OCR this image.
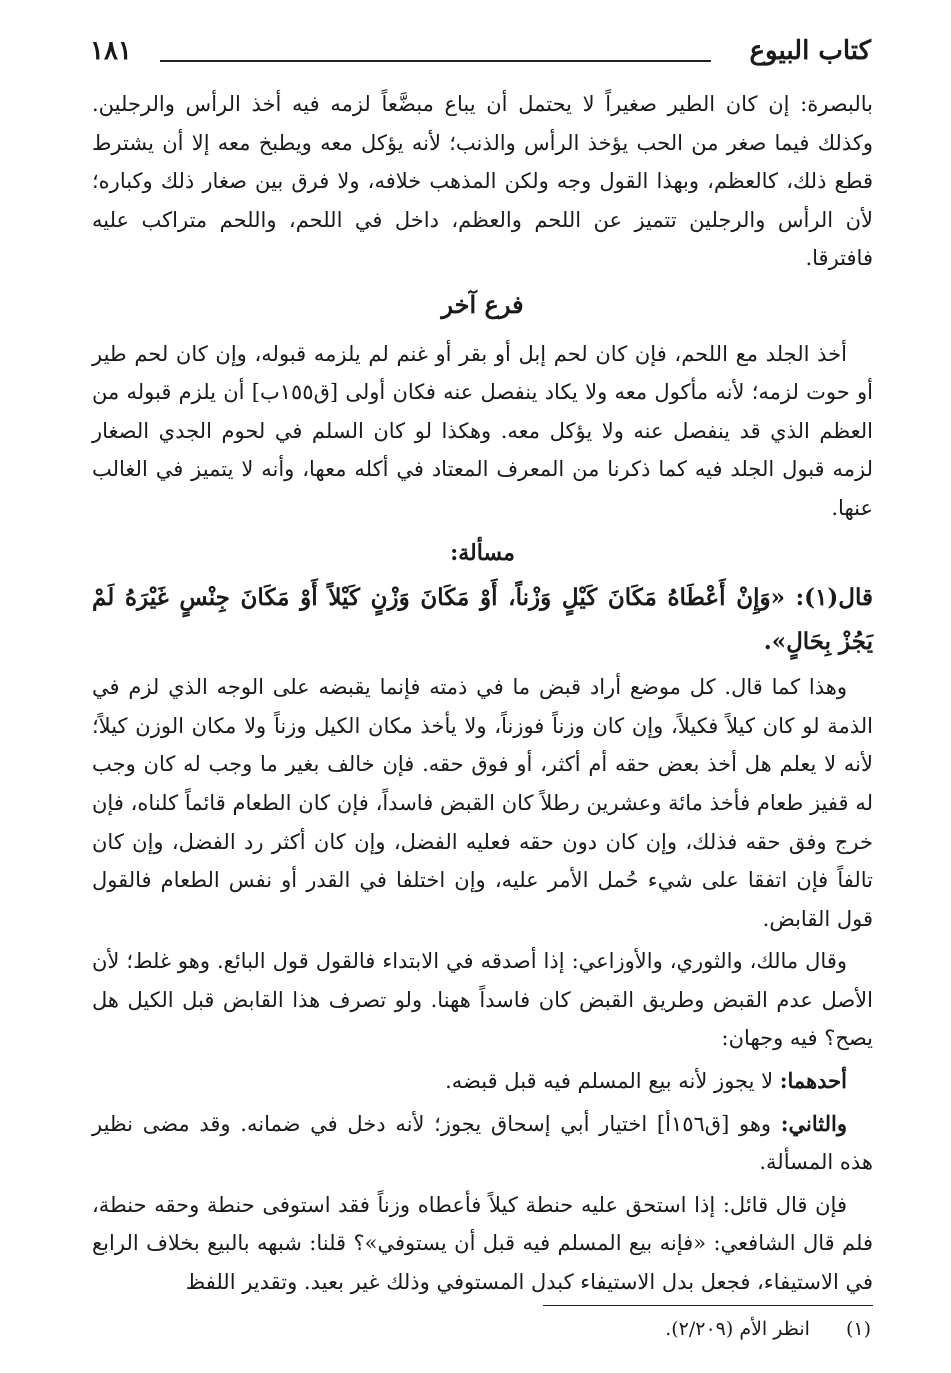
كتاب البيوع
١٨١

بالبصرة: إن كان الطير صغيراً لا يحتمل أن يباع مبضَّعاً لزمه فيه أخذ الرأس والرجلين. وكذلك فيما صغر من الحب يؤخذ الرأس والذنب؛ لأنه يؤكل معه ويطبخ معه إلا أن يشترط قطع ذلك، كالعظم، وبهذا القول وجه ولكن المذهب خلافه، ولا فرق بين صغار ذلك وكباره؛ لأن الرأس والرجلين تتميز عن اللحم والعظم، داخل في اللحم، واللحم متراكب عليه فافترقا.

فرع آخر

أخذ الجلد مع اللحم، فإن كان لحم إبل أو بقر أو غنم لم يلزمه قبوله، وإن كان لحم طير أو حوت لزمه؛ لأنه مأكول معه ولا يكاد ينفصل عنه فكان أولى [ق١٥٥ب] أن يلزم قبوله من العظم الذي قد ينفصل عنه ولا يؤكل معه. وهكذا لو كان السلم في لحوم الجدي الصغار لزمه قبول الجلد فيه كما ذكرنا من المعرف المعتاد في أكله معها، وأنه لا يتميز في الغالب عنها.

مسألة:

قال(١): «وَإِنْ أَعْطَاهُ مَكَانَ كَيْلٍ وَزْناً، أَوْ مَكَانَ وَزْنٍ كَيْلاً أَوْ مَكَانَ جِنْسٍ غَيْرَهُ لَمْ يَجُزْ بِحَالٍ».

وهذا كما قال. كل موضع أراد قبض ما في ذمته فإنما يقبضه على الوجه الذي لزم في الذمة لو كان كيلاً فكيلاً، وإن كان وزناً فوزناً، ولا يأخذ مكان الكيل وزناً ولا مكان الوزن كيلاً؛ لأنه لا يعلم هل أخذ بعض حقه أم أكثر، أو فوق حقه. فإن خالف بغير ما وجب له كان وجب له قفيز طعام فأخذ مائة وعشرين رطلاً كان القبض فاسداً، فإن كان الطعام قائماً كلناه، فإن خرج وفق حقه فذلك، وإن كان دون حقه فعليه الفضل، وإن كان أكثر رد الفضل، وإن كان تالفاً فإن اتفقا على شيء حُمل الأمر عليه، وإن اختلفا في القدر أو نفس الطعام فالقول قول القابض.

وقال مالك، والثوري، والأوزاعي: إذا أصدقه في الابتداء فالقول قول البائع. وهو غلط؛ لأن الأصل عدم القبض وطريق القبض كان فاسداً ههنا. ولو تصرف هذا القابض قبل الكيل هل يصح؟ فيه وجهان:

أحدهما: لا يجوز لأنه بيع المسلم فيه قبل قبضه.

والثاني: وهو [ق١٥٦أ] اختيار أبي إسحاق يجوز؛ لأنه دخل في ضمانه. وقد مضى نظير هذه المسألة.

فإن قال قائل: إذا استحق عليه حنطة كيلاً فأعطاه وزناً فقد استوفى حنطة وحقه حنطة، فلم قال الشافعي: «فإنه بيع المسلم فيه قبل أن يستوفي»؟ قلنا: شبهه بالبيع بخلاف الرابع في الاستيفاء، فجعل بدل الاستيفاء كبدل المستوفي وذلك غير بعيد. وتقدير اللفظ

(١) انظر الأم (٢/٢٠٩).
